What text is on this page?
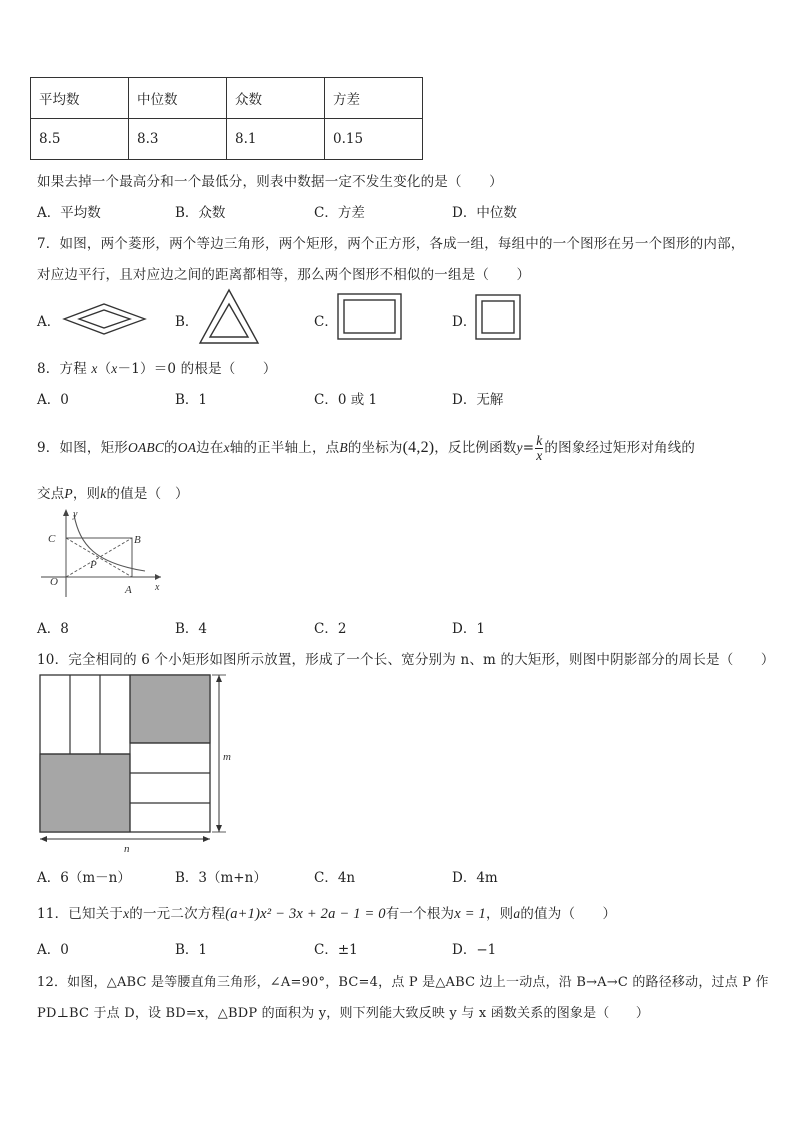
平均数	中位数	众数	方差
8.5	8.3	8.1	0.15
如果去掉一个最高分和一个最低分，则表中数据一定不发生变化的是（　　）
A．平均数	B．众数	C．方差	D．中位数
7．如图，两个菱形，两个等边三角形，两个矩形，两个正方形，各成一组，每组中的一个图形在另一个图形的内部，
对应边平行，且对应边之间的距离都相等，那么两个图形不相似的一组是（　　）
A．	B．	C．	D．
8．方程 x（x－1）＝0 的根是（　　）
A．0	B．1	C．0 或 1	D．无解
9．如图，矩形OABC的OA边在x轴的正半轴上，点B的坐标为(4,2)，反比例函数$y= \frac{k}{x}$ 的图象经过矩形对角线的
交点P，则k的值是（　）
y
x
C	B
P
O
A
A．8	B．4	C．2	D．1
10．完全相同的 6 个小矩形如图所示放置，形成了一个长、宽分别为 n、m 的大矩形，则图中阴影部分的周长是（　　）
m
n
A．6（m－n）	B．3（m+n）	C．4n	D．4m
11．已知关于x的一元二次方程(a+1)x² − 3x + 2a − 1 = 0有一个根为x = 1，则a的值为（　　）
A．0	B．1	C．±1	D．−1
12．如图，△ABC 是等腰直角三角形，∠A=90°，BC=4，点 P 是△ABC 边上一动点，沿 B→A→C 的路径移动，过点 P 作
PD⊥BC 于点 D，设 BD=x，△BDP 的面积为 y，则下列能大致反映 y 与 x 函数关系的图象是（　　）
